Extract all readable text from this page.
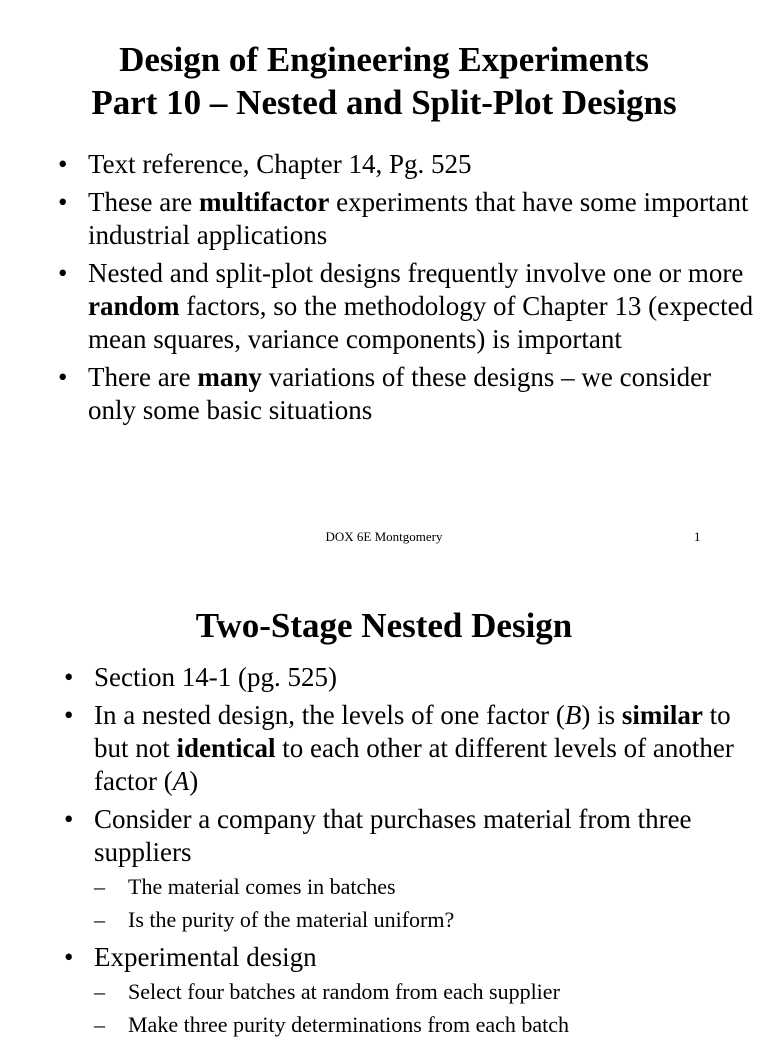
Design of Engineering Experiments
Part 10 – Nested and Split-Plot Designs
• Text reference, Chapter 14, Pg. 525
• These are multifactor experiments that have some important industrial applications
• Nested and split-plot designs frequently involve one or more random factors, so the methodology of Chapter 13 (expected mean squares, variance components) is important
• There are many variations of these designs – we consider only some basic situations
DOX 6E Montgomery	1
Two-Stage Nested Design
• Section 14-1 (pg. 525)
• In a nested design, the levels of one factor (B) is similar to but not identical to each other at different levels of another factor (A)
• Consider a company that purchases material from three suppliers
– The material comes in batches
– Is the purity of the material uniform?
• Experimental design
– Select four batches at random from each supplier
– Make three purity determinations from each batch
